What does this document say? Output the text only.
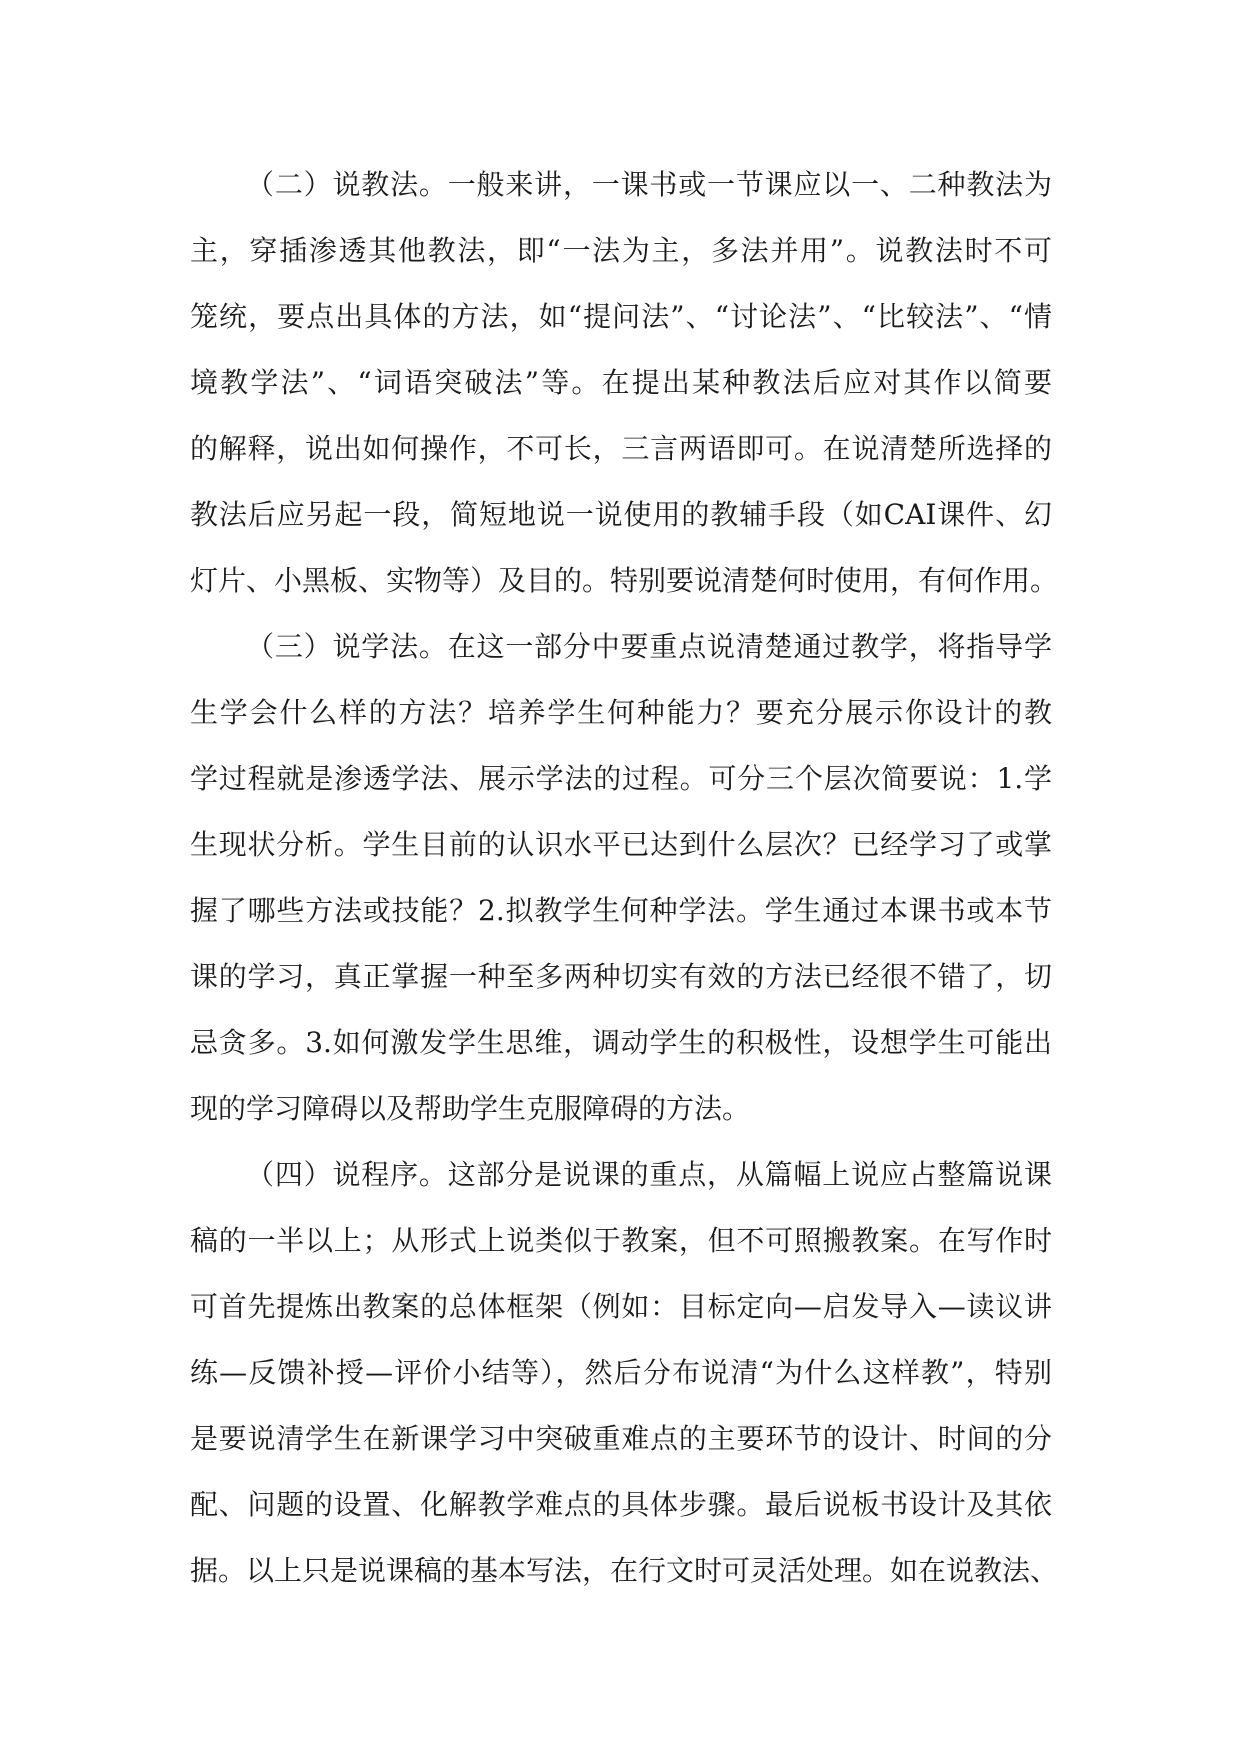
（二）说教法。一般来讲，一课书或一节课应以一、二种教法为
主，穿插渗透其他教法，即“一法为主，多法并用”。说教法时不可
笼统，要点出具体的方法，如“提问法”、“讨论法”、“比较法”、“情
境教学法”、“词语突破法”等。在提出某种教法后应对其作以简要
的解释，说出如何操作，不可长，三言两语即可。在说清楚所选择的
教法后应另起一段，简短地说一说使用的教辅手段（如CAI课件、幻
灯片、小黑板、实物等）及目的。特别要说清楚何时使用，有何作用。
（三）说学法。在这一部分中要重点说清楚通过教学，将指导学
生学会什么样的方法？培养学生何种能力？要充分展示你设计的教
学过程就是渗透学法、展示学法的过程。可分三个层次简要说：1.学
生现状分析。学生目前的认识水平已达到什么层次？已经学习了或掌
握了哪些方法或技能？2.拟教学生何种学法。学生通过本课书或本节
课的学习，真正掌握一种至多两种切实有效的方法已经很不错了，切
忌贪多。3.如何激发学生思维，调动学生的积极性，设想学生可能出
现的学习障碍以及帮助学生克服障碍的方法。
（四）说程序。这部分是说课的重点，从篇幅上说应占整篇说课
稿的一半以上；从形式上说类似于教案，但不可照搬教案。在写作时
可首先提炼出教案的总体框架（例如：目标定向—启发导入—读议讲
练—反馈补授—评价小结等），然后分布说清“为什么这样教”，特别
是要说清学生在新课学习中突破重难点的主要环节的设计、时间的分
配、问题的设置、化解教学难点的具体步骤。最后说板书设计及其依
据。以上只是说课稿的基本写法，在行文时可灵活处理。如在说教法、
